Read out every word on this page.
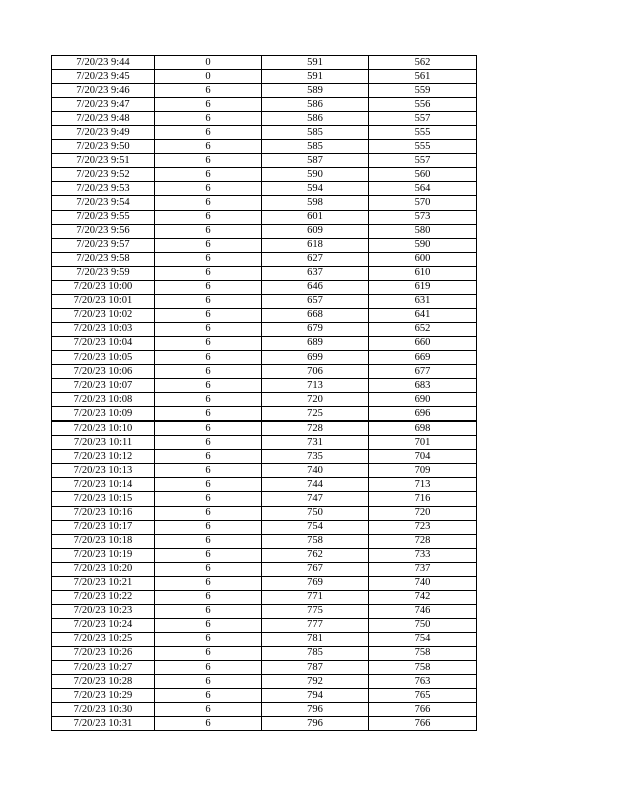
7/20/23 9:44	0	591	562
7/20/23 9:45	0	591	561
7/20/23 9:46	6	589	559
7/20/23 9:47	6	586	556
7/20/23 9:48	6	586	557
7/20/23 9:49	6	585	555
7/20/23 9:50	6	585	555
7/20/23 9:51	6	587	557
7/20/23 9:52	6	590	560
7/20/23 9:53	6	594	564
7/20/23 9:54	6	598	570
7/20/23 9:55	6	601	573
7/20/23 9:56	6	609	580
7/20/23 9:57	6	618	590
7/20/23 9:58	6	627	600
7/20/23 9:59	6	637	610
7/20/23 10:00	6	646	619
7/20/23 10:01	6	657	631
7/20/23 10:02	6	668	641
7/20/23 10:03	6	679	652
7/20/23 10:04	6	689	660
7/20/23 10:05	6	699	669
7/20/23 10:06	6	706	677
7/20/23 10:07	6	713	683
7/20/23 10:08	6	720	690
7/20/23 10:09	6	725	696
7/20/23 10:10	6	728	698
7/20/23 10:11	6	731	701
7/20/23 10:12	6	735	704
7/20/23 10:13	6	740	709
7/20/23 10:14	6	744	713
7/20/23 10:15	6	747	716
7/20/23 10:16	6	750	720
7/20/23 10:17	6	754	723
7/20/23 10:18	6	758	728
7/20/23 10:19	6	762	733
7/20/23 10:20	6	767	737
7/20/23 10:21	6	769	740
7/20/23 10:22	6	771	742
7/20/23 10:23	6	775	746
7/20/23 10:24	6	777	750
7/20/23 10:25	6	781	754
7/20/23 10:26	6	785	758
7/20/23 10:27	6	787	758
7/20/23 10:28	6	792	763
7/20/23 10:29	6	794	765
7/20/23 10:30	6	796	766
7/20/23 10:31	6	796	766
